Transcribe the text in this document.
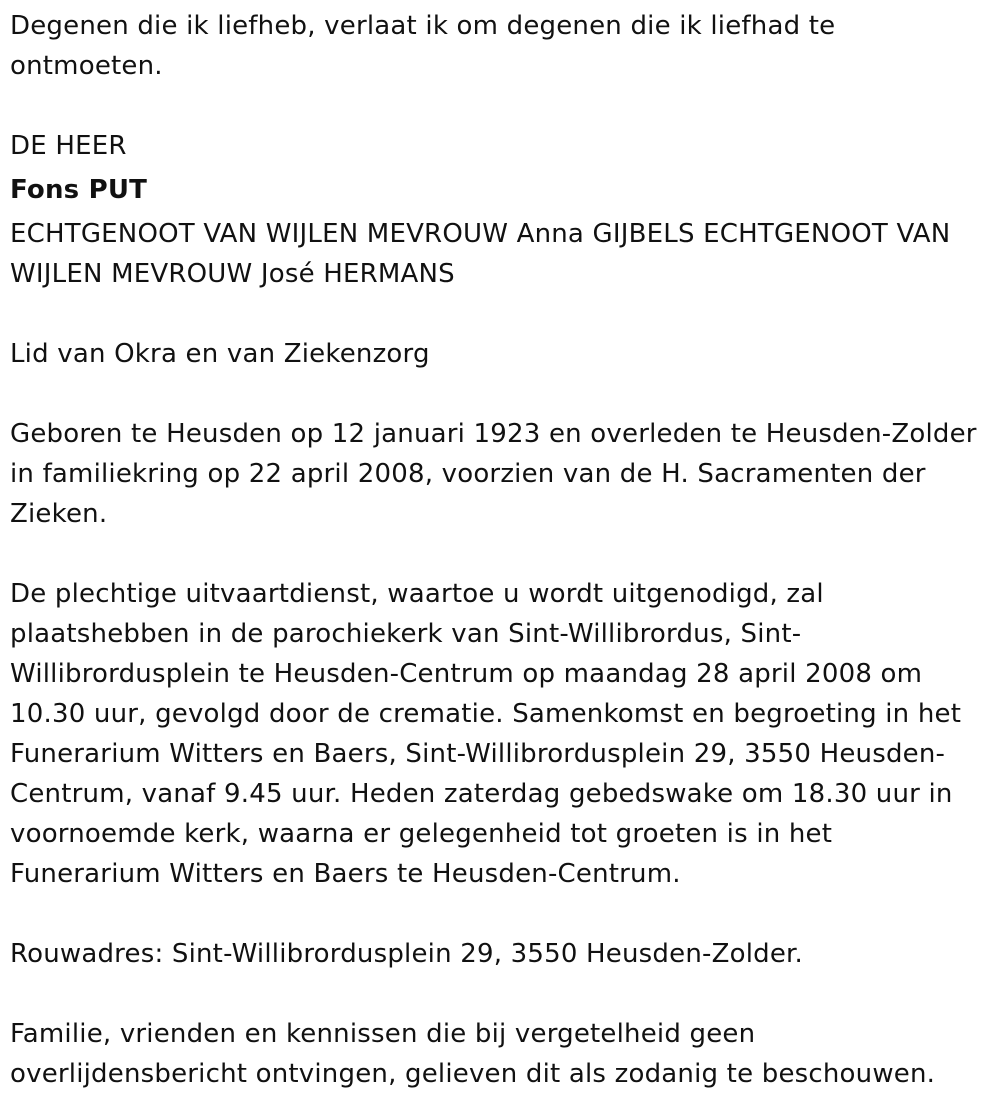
Degenen die ik liefheb, verlaat ik om degenen die ik liefhad te ontmoeten.

DE HEER

Fons PUT

ECHTGENOOT VAN WIJLEN MEVROUW Anna GIJBELS ECHTGENOOT VAN WIJLEN MEVROUW José HERMANS

Lid van Okra en van Ziekenzorg

Geboren te Heusden op 12 januari 1923 en overleden te Heusden-Zolder in familiekring op 22 april 2008, voorzien van de H. Sacramenten der Zieken.

De plechtige uitvaartdienst, waartoe u wordt uitgenodigd, zal plaatshebben in de parochiekerk van Sint-Willibrordus, Sint-Willibrordusplein te Heusden-Centrum op maandag 28 april 2008 om 10.30 uur, gevolgd door de crematie. Samenkomst en begroeting in het Funerarium Witters en Baers, Sint-Willibrordusplein 29, 3550 Heusden-Centrum, vanaf 9.45 uur. Heden zaterdag gebedswake om 18.30 uur in voornoemde kerk, waarna er gelegenheid tot groeten is in het Funerarium Witters en Baers te Heusden-Centrum.

Rouwadres: Sint-Willibrordusplein 29, 3550 Heusden-Zolder.

Familie, vrienden en kennissen die bij vergetelheid geen overlijdensbericht ontvingen, gelieven dit als zodanig te beschouwen.
